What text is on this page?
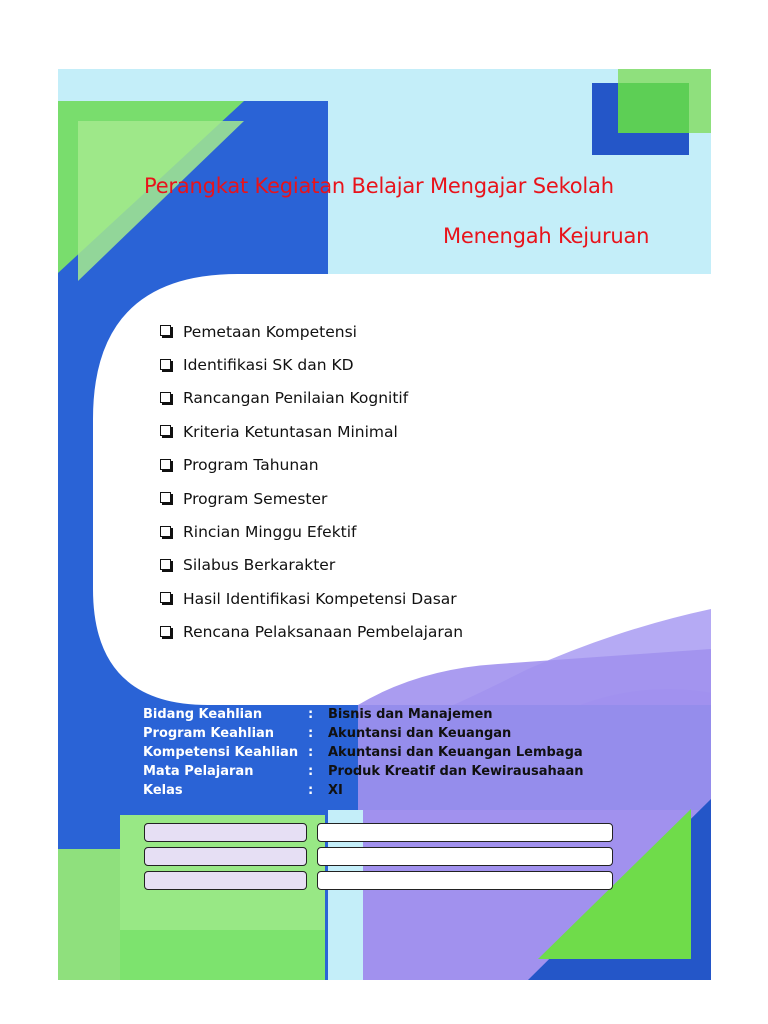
Perangkat Kegiatan Belajar Mengajar Sekolah
Menengah Kejuruan
Pemetaan Kompetensi
Identifikasi SK dan KD
Rancangan Penilaian Kognitif
Kriteria Ketuntasan Minimal
Program Tahunan
Program Semester
Rincian Minggu Efektif
Silabus Berkarakter
Hasil Identifikasi Kompetensi Dasar
Rencana Pelaksanaan Pembelajaran
Bidang Keahlian	:	Bisnis dan Manajemen
Program Keahlian	:	Akuntansi dan Keuangan
Kompetensi Keahlian :	Akuntansi dan Keuangan Lembaga
Mata Pelajaran	:	Produk Kreatif dan Kewirausahaan
Kelas	:	XI
